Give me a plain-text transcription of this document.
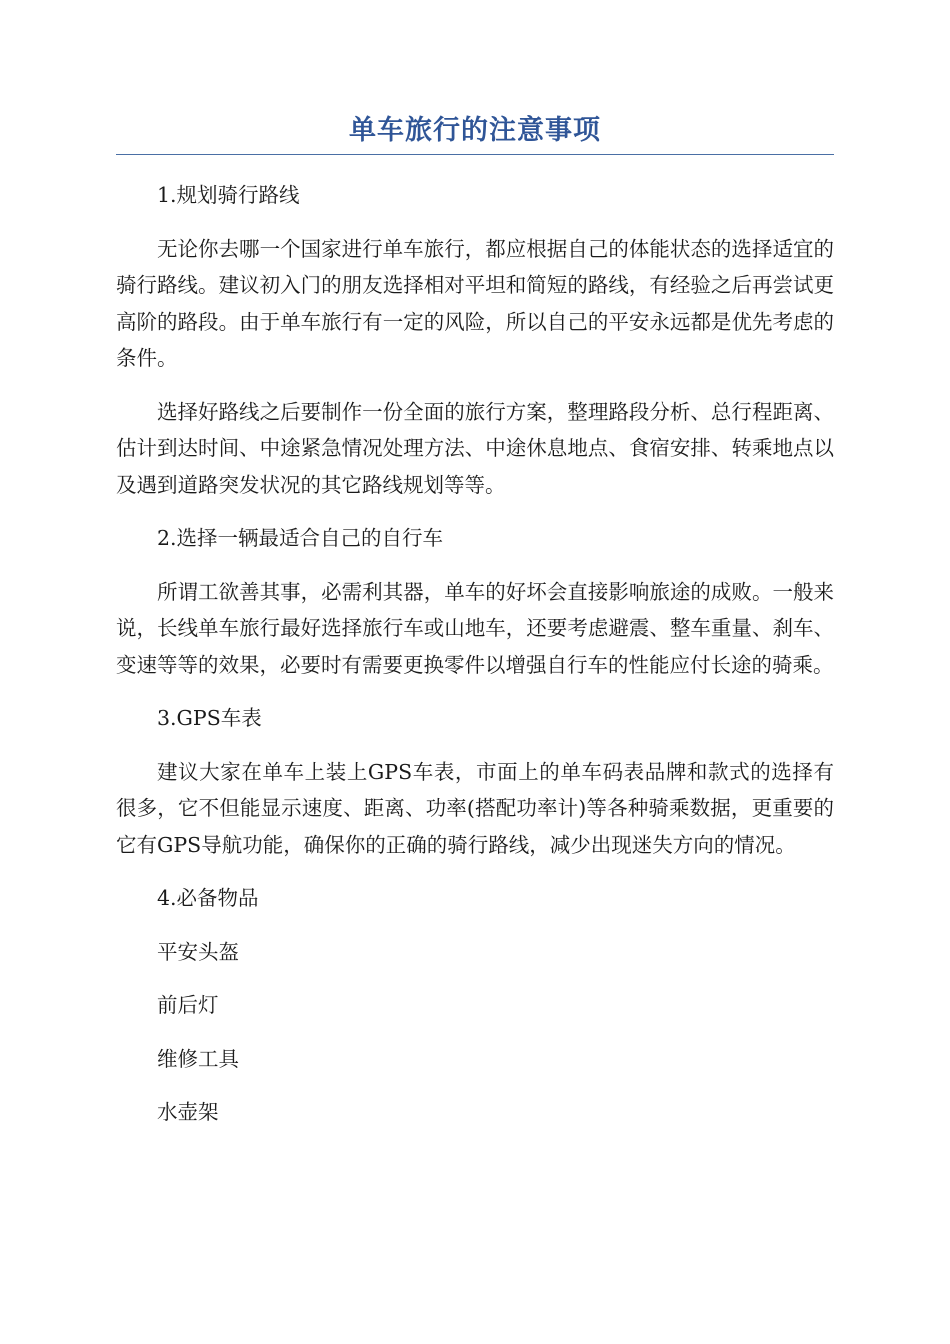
单车旅行的注意事项

1.规划骑行路线

无论你去哪一个国家进行单车旅行，都应根据自己的体能状态的选择适宜的骑行路线。建议初入门的朋友选择相对平坦和简短的路线，有经验之后再尝试更高阶的路段。由于单车旅行有一定的风险，所以自己的平安永远都是优先考虑的条件。

选择好路线之后要制作一份全面的旅行方案，整理路段分析、总行程距离、估计到达时间、中途紧急情况处理方法、中途休息地点、食宿安排、转乘地点以及遇到道路突发状况的其它路线规划等等。

2.选择一辆最适合自己的自行车

所谓工欲善其事，必需利其器，单车的好坏会直接影响旅途的成败。一般来说，长线单车旅行最好选择旅行车或山地车，还要考虑避震、整车重量、刹车、变速等等的效果，必要时有需要更换零件以增强自行车的性能应付长途的骑乘。

3.GPS车表

建议大家在单车上装上GPS车表，市面上的单车码表品牌和款式的选择有很多，它不但能显示速度、距离、功率(搭配功率计)等各种骑乘数据，更重要的它有GPS导航功能，确保你的正确的骑行路线，减少出现迷失方向的情况。

4.必备物品

平安头盔

前后灯

维修工具

水壶架
